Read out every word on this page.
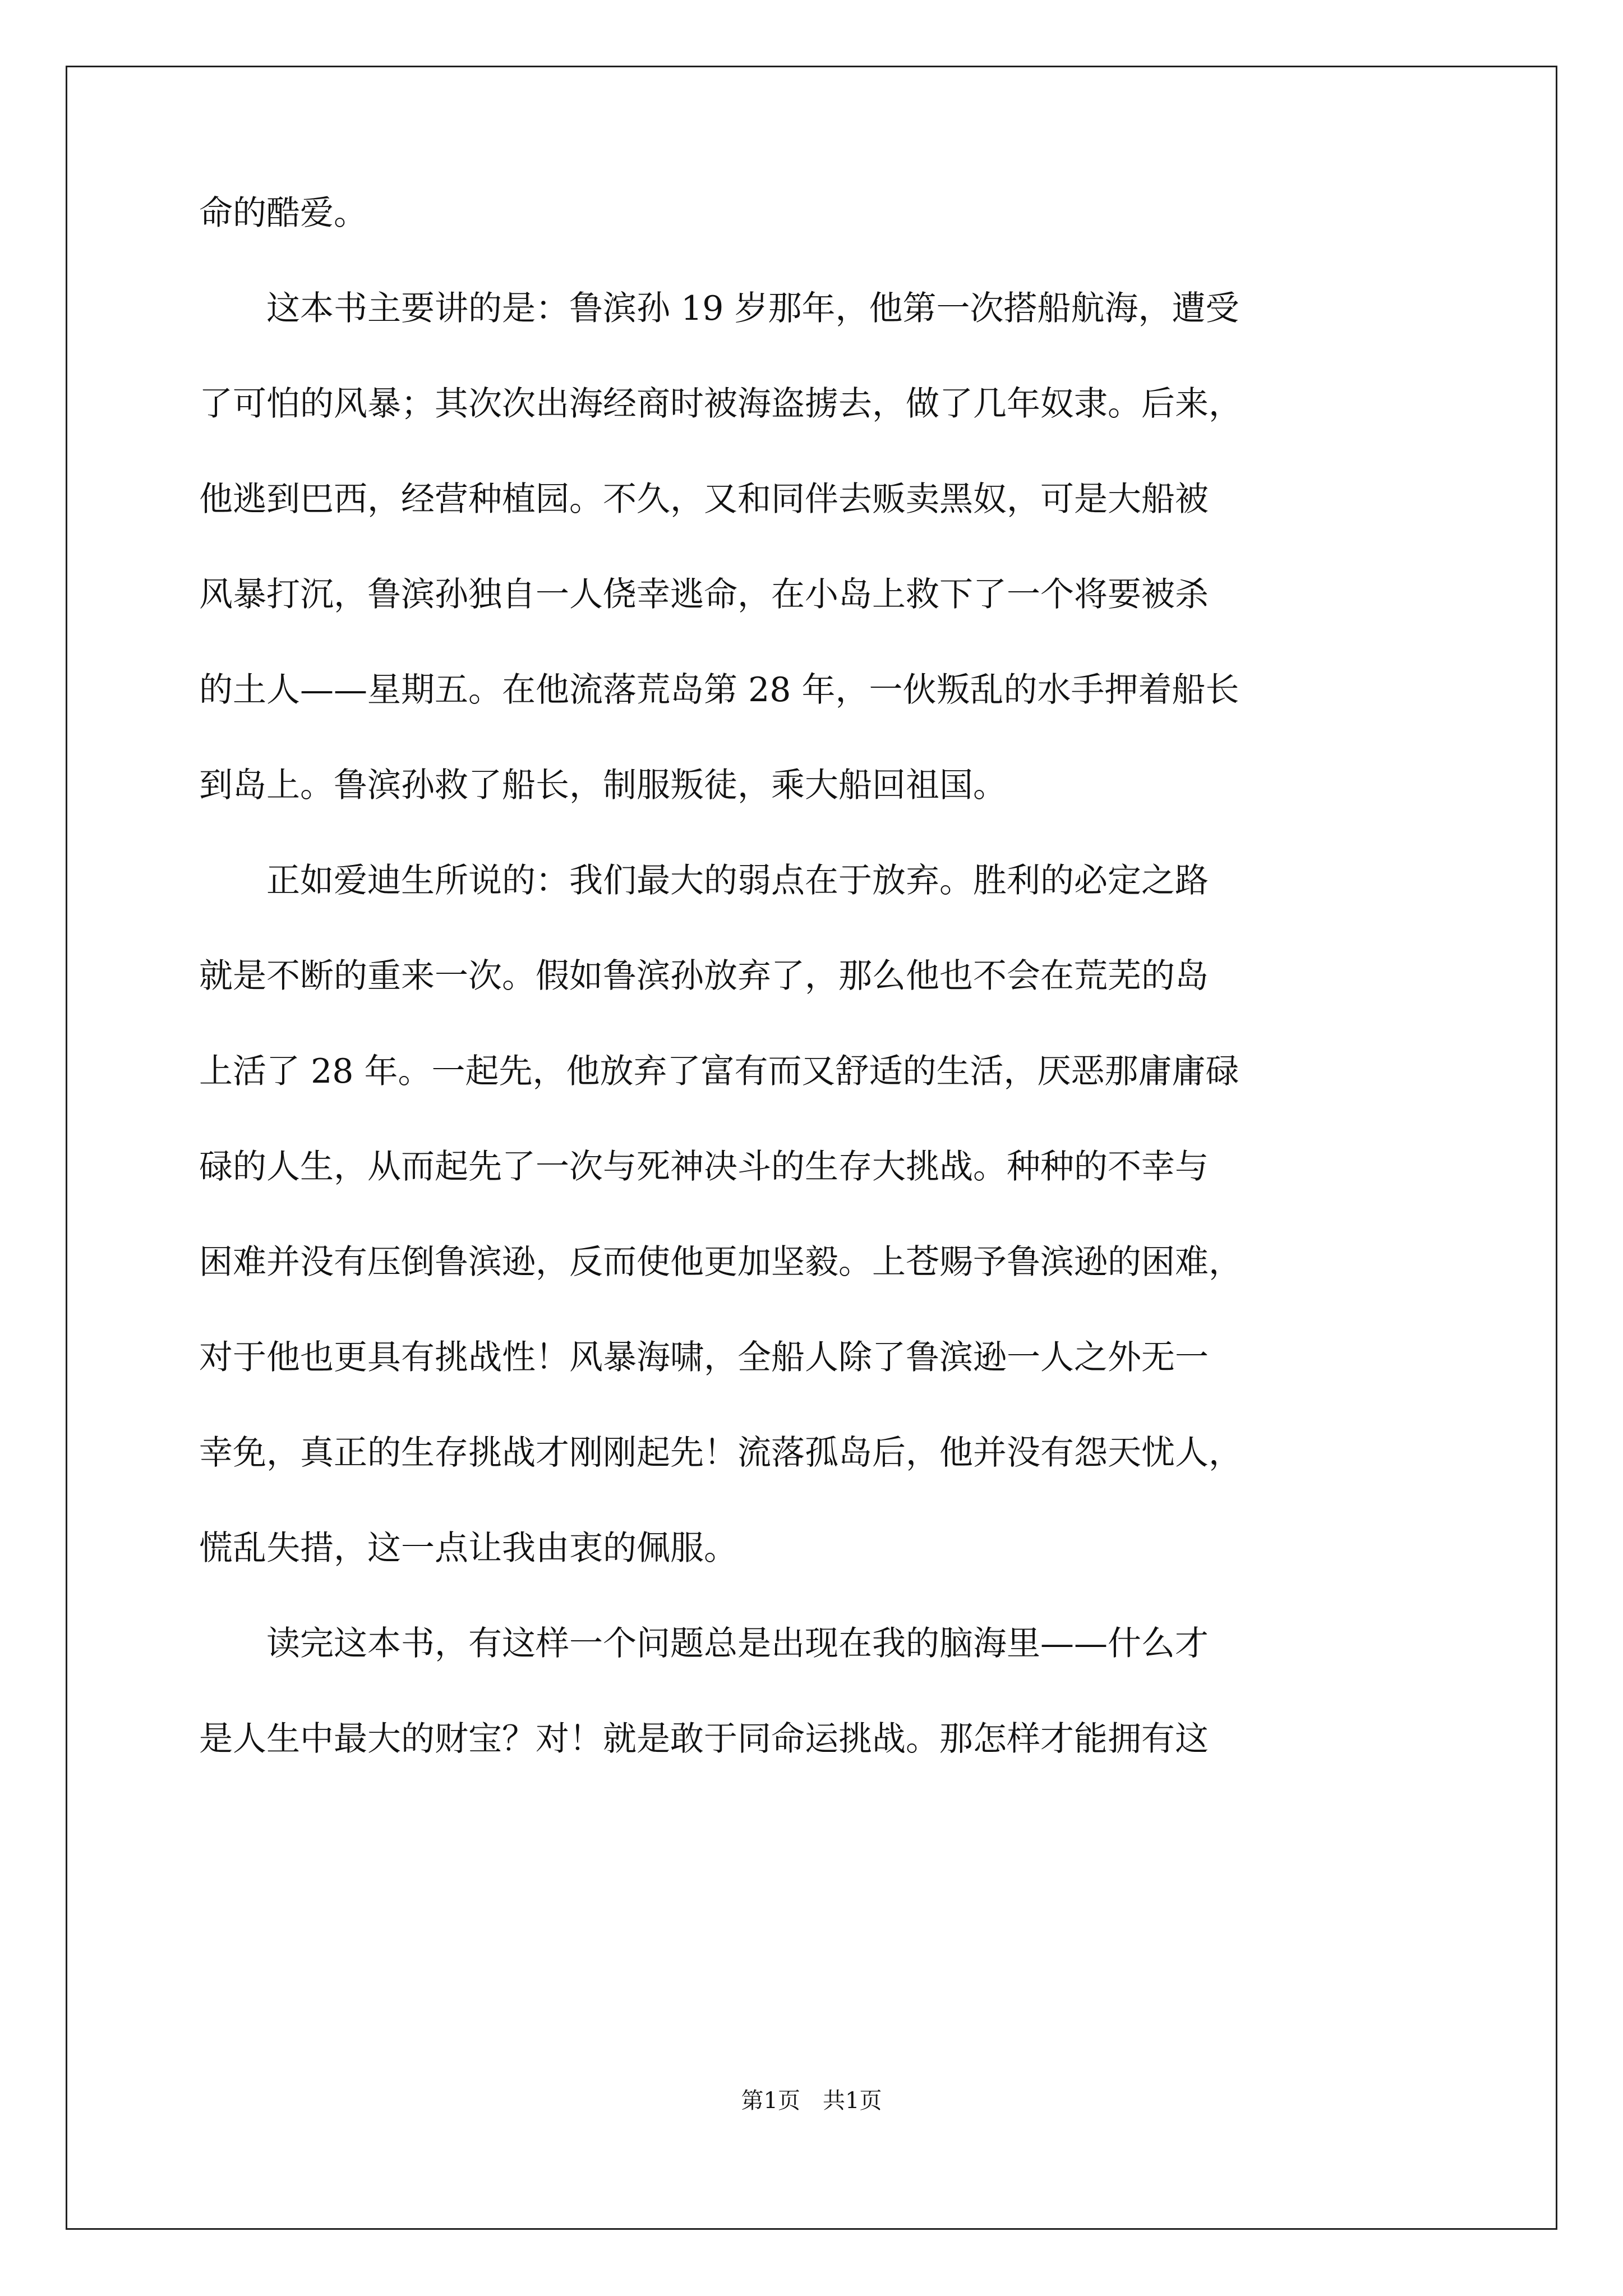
命的酷爱。
　　这本书主要讲的是：鲁滨孙 19 岁那年，他第一次搭船航海，遭受
了可怕的风暴；其次次出海经商时被海盗掳去，做了几年奴隶。后来，
他逃到巴西，经营种植园。不久，又和同伴去贩卖黑奴，可是大船被
风暴打沉，鲁滨孙独自一人侥幸逃命，在小岛上救下了一个将要被杀
的土人——星期五。在他流落荒岛第 28 年，一伙叛乱的水手押着船长
到岛上。鲁滨孙救了船长，制服叛徒，乘大船回祖国。
　　正如爱迪生所说的：我们最大的弱点在于放弃。胜利的必定之路
就是不断的重来一次。假如鲁滨孙放弃了，那么他也不会在荒芜的岛
上活了 28 年。一起先，他放弃了富有而又舒适的生活，厌恶那庸庸碌
碌的人生，从而起先了一次与死神决斗的生存大挑战。种种的不幸与
困难并没有压倒鲁滨逊，反而使他更加坚毅。上苍赐予鲁滨逊的困难，
对于他也更具有挑战性！风暴海啸，全船人除了鲁滨逊一人之外无一
幸免，真正的生存挑战才刚刚起先！流落孤岛后，他并没有怨天忧人，
慌乱失措，这一点让我由衷的佩服。
　　读完这本书，有这样一个问题总是出现在我的脑海里——什么才
是人生中最大的财宝？对！就是敢于同命运挑战。那怎样才能拥有这
第1页　共1页
